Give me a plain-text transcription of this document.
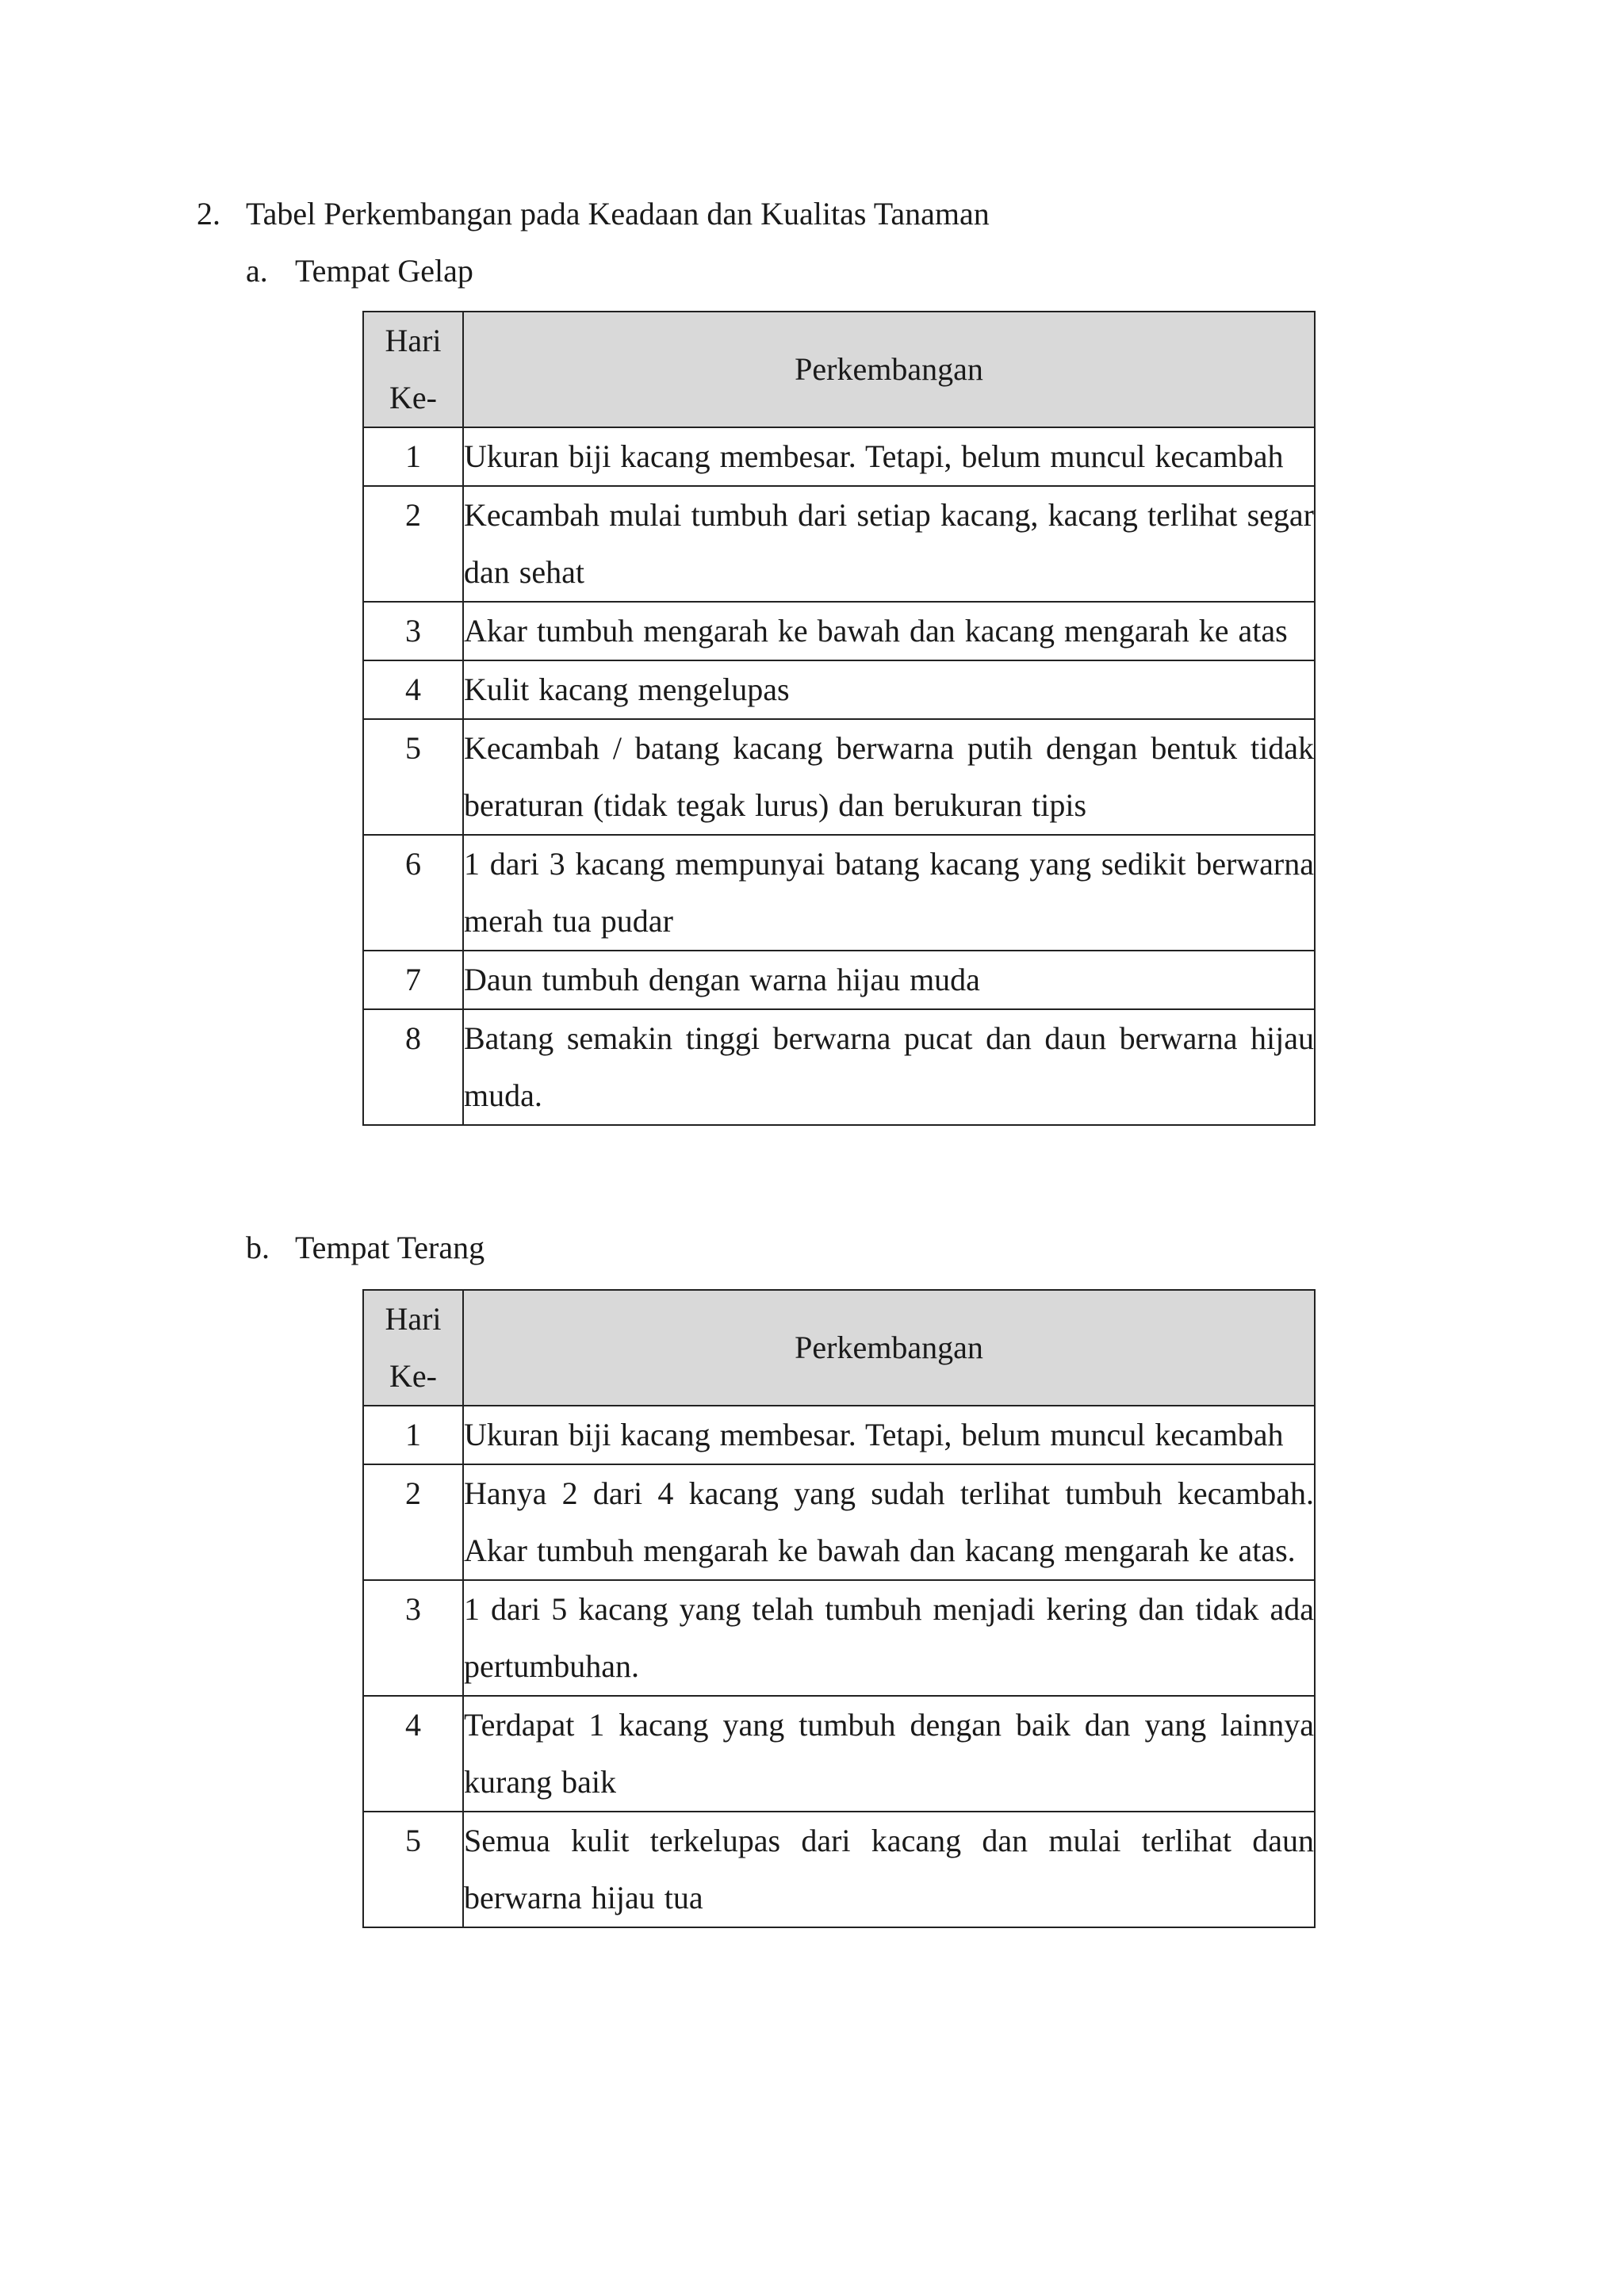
2. Tabel Perkembangan pada Keadaan dan Kualitas Tanaman
a. Tempat Gelap
Hari Ke-	Perkembangan
1	Ukuran biji kacang membesar. Tetapi, belum muncul kecambah
2	Kecambah mulai tumbuh dari setiap kacang, kacang terlihat segar dan sehat
3	Akar tumbuh mengarah ke bawah dan kacang mengarah ke atas
4	Kulit kacang mengelupas
5	Kecambah / batang kacang berwarna putih dengan bentuk tidak beraturan (tidak tegak lurus) dan berukuran tipis
6	1 dari 3 kacang mempunyai batang kacang yang sedikit berwarna merah tua pudar
7	Daun tumbuh dengan warna hijau muda
8	Batang semakin tinggi berwarna pucat dan daun berwarna hijau muda.
b. Tempat Terang
Hari Ke-	Perkembangan
1	Ukuran biji kacang membesar. Tetapi, belum muncul kecambah
2	Hanya 2 dari 4 kacang yang sudah terlihat tumbuh kecambah. Akar tumbuh mengarah ke bawah dan kacang mengarah ke atas.
3	1 dari 5 kacang yang telah tumbuh menjadi kering dan tidak ada pertumbuhan.
4	Terdapat 1 kacang yang tumbuh dengan baik dan yang lainnya kurang baik
5	Semua kulit terkelupas dari kacang dan mulai terlihat daun berwarna hijau tua
